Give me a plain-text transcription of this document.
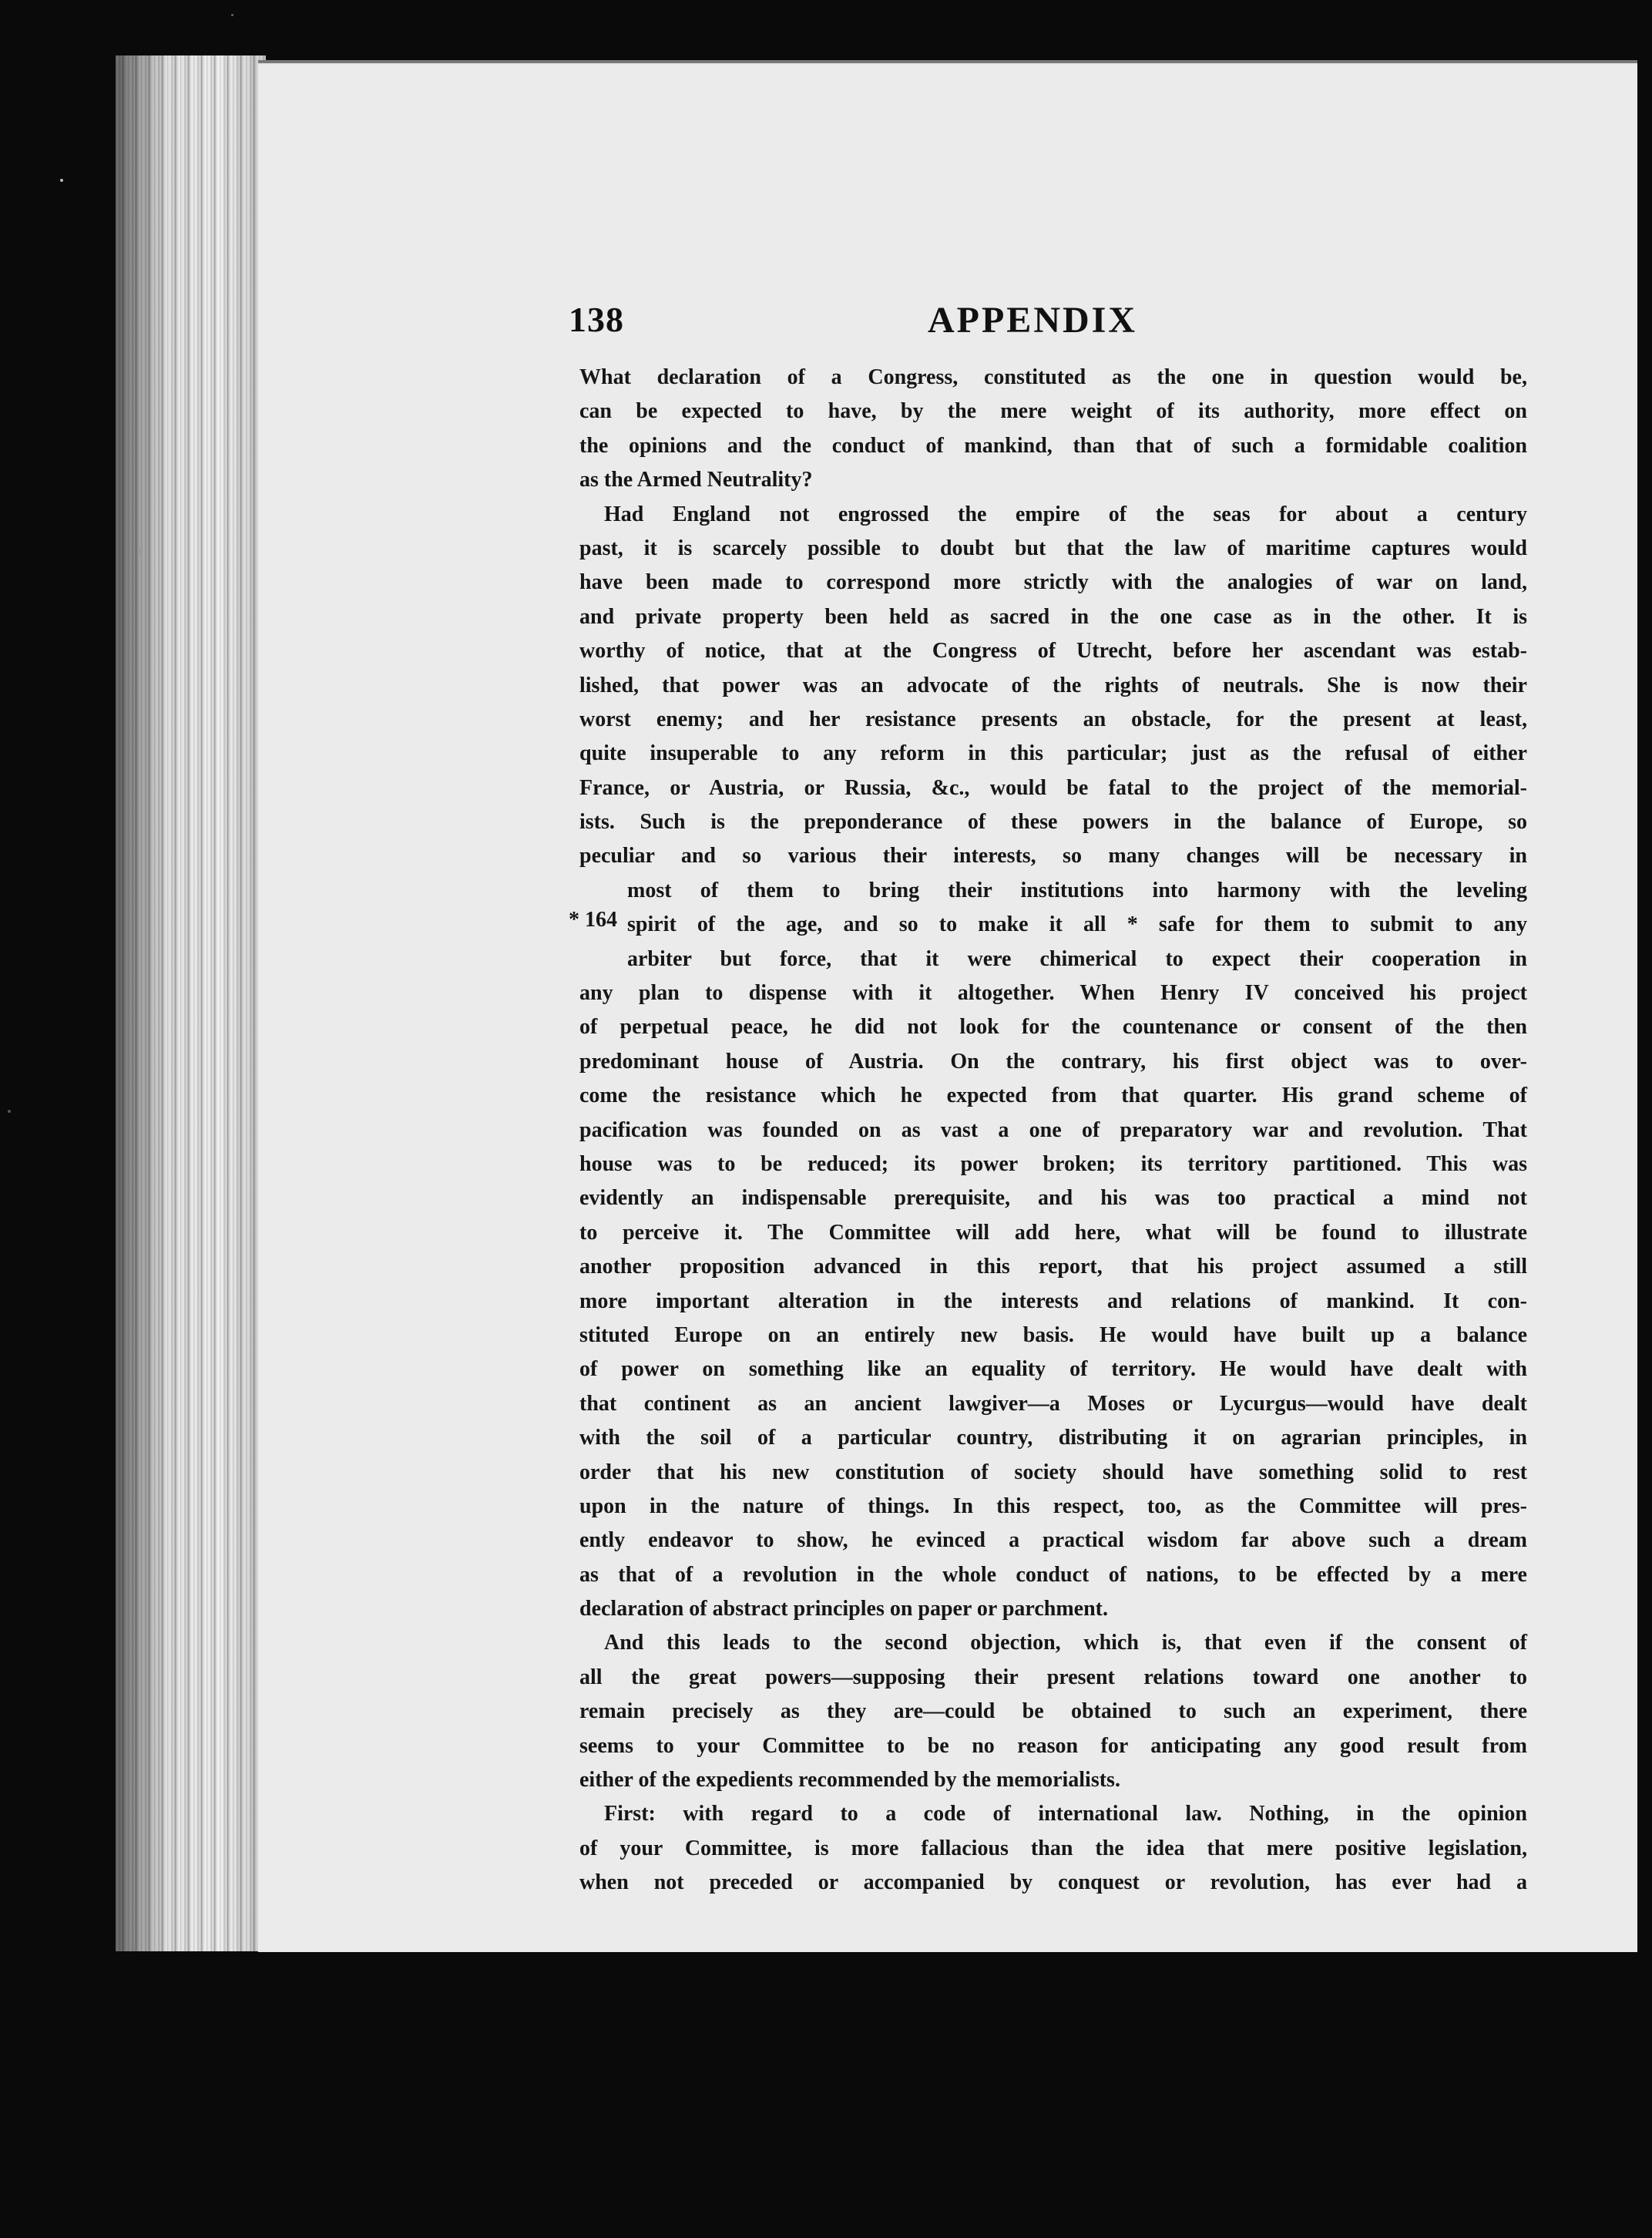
138	APPENDIX
* 164
What declaration of a Congress, constituted as the one in question would be,
can be expected to have, by the mere weight of its authority, more effect on
the opinions and the conduct of mankind, than that of such a formidable coalition
as the Armed Neutrality?
Had England not engrossed the empire of the seas for about a century
past, it is scarcely possible to doubt but that the law of maritime captures would
have been made to correspond more strictly with the analogies of war on land,
and private property been held as sacred in the one case as in the other. It is
worthy of notice, that at the Congress of Utrecht, before her ascendant was estab-
lished, that power was an advocate of the rights of neutrals. She is now their
worst enemy; and her resistance presents an obstacle, for the present at least,
quite insuperable to any reform in this particular; just as the refusal of either
France, or Austria, or Russia, &c., would be fatal to the project of the memorial-
ists. Such is the preponderance of these powers in the balance of Europe, so
peculiar and so various their interests, so many changes will be necessary in
most of them to bring their institutions into harmony with the leveling
spirit of the age, and so to make it all * safe for them to submit to any
arbiter but force, that it were chimerical to expect their cooperation in
any plan to dispense with it altogether. When Henry IV conceived his project
of perpetual peace, he did not look for the countenance or consent of the then
predominant house of Austria. On the contrary, his first object was to over-
come the resistance which he expected from that quarter. His grand scheme of
pacification was founded on as vast a one of preparatory war and revolution. That
house was to be reduced; its power broken; its territory partitioned. This was
evidently an indispensable prerequisite, and his was too practical a mind not
to perceive it. The Committee will add here, what will be found to illustrate
another proposition advanced in this report, that his project assumed a still
more important alteration in the interests and relations of mankind. It con-
stituted Europe on an entirely new basis. He would have built up a balance
of power on something like an equality of territory. He would have dealt with
that continent as an ancient lawgiver—a Moses or Lycurgus—would have dealt
with the soil of a particular country, distributing it on agrarian principles, in
order that his new constitution of society should have something solid to rest
upon in the nature of things. In this respect, too, as the Committee will pres-
ently endeavor to show, he evinced a practical wisdom far above such a dream
as that of a revolution in the whole conduct of nations, to be effected by a mere
declaration of abstract principles on paper or parchment.
And this leads to the second objection, which is, that even if the consent of
all the great powers—supposing their present relations toward one another to
remain precisely as they are—could be obtained to such an experiment, there
seems to your Committee to be no reason for anticipating any good result from
either of the expedients recommended by the memorialists.
First: with regard to a code of international law. Nothing, in the opinion
of your Committee, is more fallacious than the idea that mere positive legislation,
when not preceded or accompanied by conquest or revolution, has ever had a
